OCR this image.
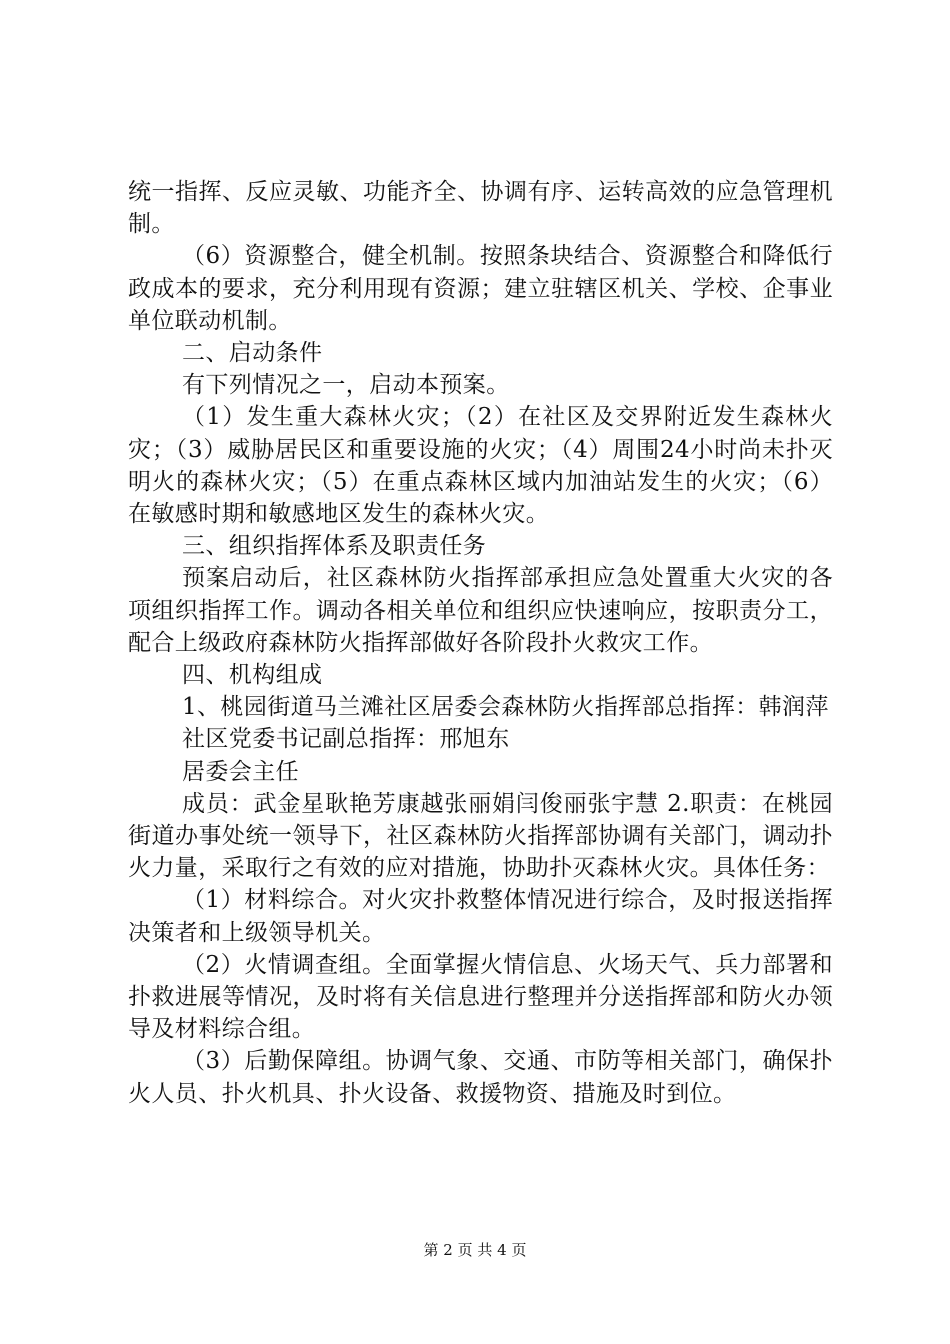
统一指挥、反应灵敏、功能齐全、协调有序、运转高效的应急管理机制。

（6）资源整合，健全机制。按照条块结合、资源整合和降低行政成本的要求，充分利用现有资源；建立驻辖区机关、学校、企事业单位联动机制。

二、启动条件

有下列情况之一，启动本预案。

（1）发生重大森林火灾；（2）在社区及交界附近发生森林火灾；（3）威胁居民区和重要设施的火灾；（4）周围24小时尚未扑灭明火的森林火灾；（5）在重点森林区域内加油站发生的火灾；（6）在敏感时期和敏感地区发生的森林火灾。

三、组织指挥体系及职责任务

预案启动后，社区森林防火指挥部承担应急处置重大火灾的各项组织指挥工作。调动各相关单位和组织应快速响应，按职责分工，配合上级政府森林防火指挥部做好各阶段扑火救灾工作。

四、机构组成

1、桃园街道马兰滩社区居委会森林防火指挥部总指挥：韩润萍

社区党委书记副总指挥：邢旭东

居委会主任

成员：武金星耿艳芳康越张丽娟闫俊丽张宇慧 2.职责：在桃园街道办事处统一领导下，社区森林防火指挥部协调有关部门，调动扑火力量，采取行之有效的应对措施，协助扑灭森林火灾。具体任务：

（1）材料综合。对火灾扑救整体情况进行综合，及时报送指挥决策者和上级领导机关。

（2）火情调查组。全面掌握火情信息、火场天气、兵力部署和扑救进展等情况，及时将有关信息进行整理并分送指挥部和防火办领导及材料综合组。

（3）后勤保障组。协调气象、交通、市防等相关部门，确保扑火人员、扑火机具、扑火设备、救援物资、措施及时到位。

第 2 页 共 4 页
